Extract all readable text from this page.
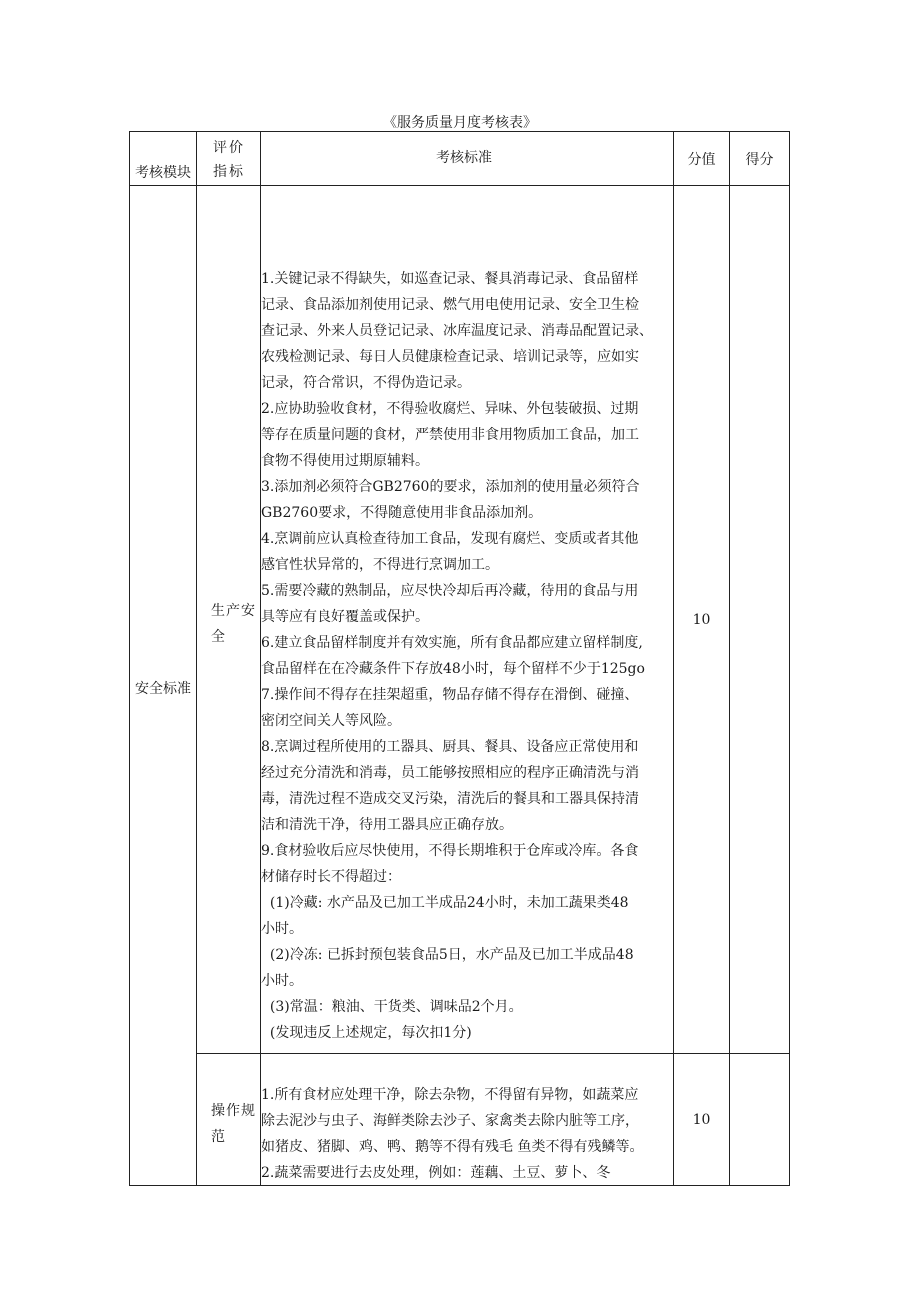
《服务质量月度考核表》
考核模块
评价指标
考核标准	分值	得分
安全标准
生产安全

1.关键记录不得缺失，如巡查记录、餐具消毒记录、食品留样

记录、食品添加剂使用记录、燃气用电使用记录、安全卫生检

查记录、外来人员登记记录、冰库温度记录、消毒品配置记录、

农残检测记录、每日人员健康检查记录、培训记录等，应如实

记录，符合常识，不得伪造记录。

2.应协助验收食材，不得验收腐烂、异味、外包装破损、过期

等存在质量问题的食材，严禁使用非食用物质加工食品，加工

食物不得使用过期原辅料。

3.添加剂必须符合GB2760的要求，添加剂的使用量必须符合

GB2760要求，不得随意使用非食品添加剂。

4.烹调前应认真检查待加工食品，发现有腐烂、变质或者其他

感官性状异常的，不得进行烹调加工。

5.需要冷藏的熟制品，应尽快冷却后再冷藏，待用的食品与用

具等应有良好覆盖或保护。

6.建立食品留样制度并有效实施，所有食品都应建立留样制度,

食品留样在在冷藏条件下存放48小时，每个留样不少于125go

7.操作间不得存在挂架超重，物品存储不得存在滑倒、碰撞、

密闭空间关人等风险。

8.烹调过程所使用的工器具、厨具、餐具、设备应正常使用和

经过充分清洗和消毒，员工能够按照相应的程序正确清洗与消

毒，清洗过程不造成交叉污染，清洗后的餐具和工器具保持清

洁和清洗干净，待用工器具应正确存放。

9.食材验收后应尽快使用，不得长期堆积于仓库或冷库。各食

材储存时长不得超过：

(1)冷藏: 水产品及已加工半成品24小时，未加工蔬果类48

小时。

(2)冷冻: 已拆封预包装食品5日，水产品及已加工半成品48

小时。

(3)常温：粮油、干货类、调味品2个月。

(发现违反上述规定，每次扣1分)

10
操作规范

1.所有食材应处理干净，除去杂物，不得留有异物，如蔬菜应

除去泥沙与虫子、海鲜类除去沙子、家禽类去除内脏等工序，

如猪皮、猪脚、鸡、鸭、鹅等不得有残毛 鱼类不得有残鳞等。

2.蔬菜需要进行去皮处理，例如：莲藕、土豆、萝卜、冬

10
